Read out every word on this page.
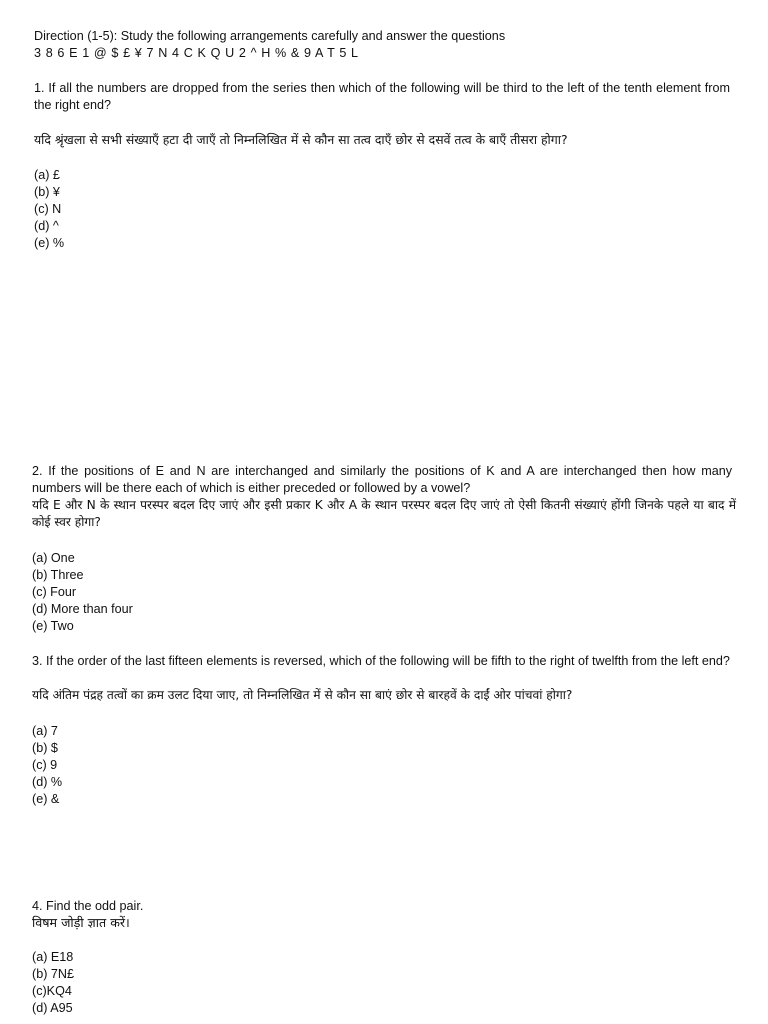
Direction (1-5): Study the following arrangements carefully and answer the questions
3 8 6 E 1 @ $ £ ¥ 7 N 4 C K Q U 2 ^ H % & 9 A T 5 L
1. If all the numbers are dropped from the series then which of the following will be third to the left of the tenth element from the right end?
यदि श्रृंखला से सभी संख्याएँ हटा दी जाएँ तो निम्नलिखित में से कौन सा तत्व दाएँ छोर से दसवें तत्व के बाएँ तीसरा होगा?
(a) £
(b) ¥
(c) N
(d) ^
(e) %
2. If the positions of E and N are interchanged and similarly the positions of K and A are interchanged then how many numbers will be there each of which is either preceded or followed by a vowel?
यदि E और N के स्थान परस्पर बदल दिए जाएं और इसी प्रकार K और A के स्थान परस्पर बदल दिए जाएं तो ऐसी कितनी संख्याएं होंगी जिनके पहले या बाद में कोई स्वर होगा?
(a) One
(b) Three
(c) Four
(d) More than four
(e) Two
3. If the order of the last fifteen elements is reversed, which of the following will be fifth to the right of twelfth from the left end?
यदि अंतिम पंद्रह तत्वों का क्रम उलट दिया जाए, तो निम्नलिखित में से कौन सा बाएं छोर से बारहवें के दाईं ओर पांचवां होगा?
(a) 7
(b) $
(c) 9
(d) %
(e) &
4. Find the odd pair.
विषम जोड़ी ज्ञात करें।
(a) E18
(b) 7N£
(c)KQ4
(d) A95
